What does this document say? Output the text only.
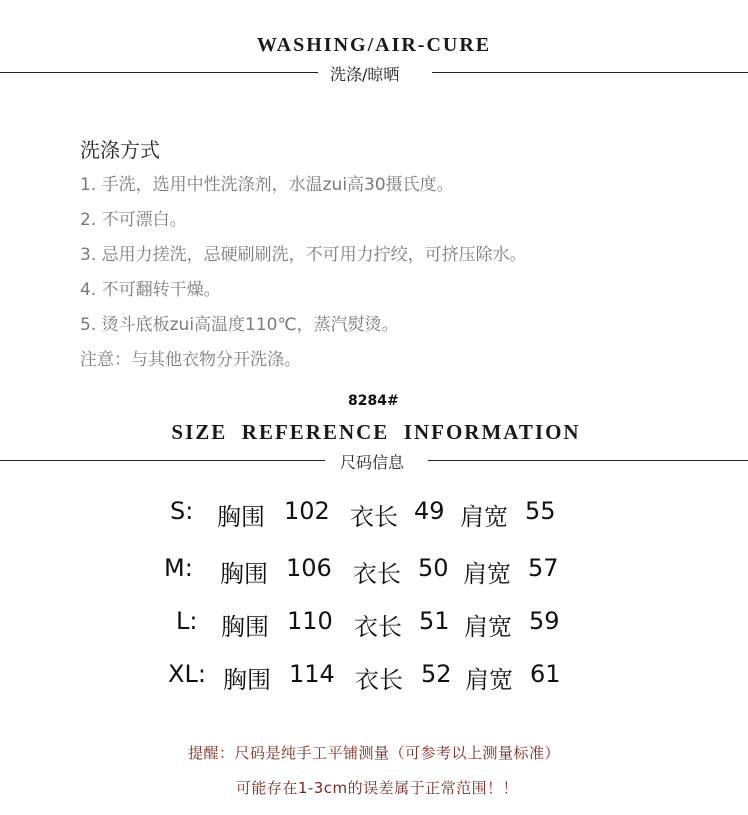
WASHING/AIR-CURE
洗涤/晾晒
洗涤方式
1. 手洗，选用中性洗涤剂，水温zui高30摄氏度。
2. 不可漂白。
3. 忌用力搓洗，忌硬刷刷洗，不可用力拧绞，可挤压除水。
4. 不可翻转干燥。
5. 烫斗底板zui高温度110℃，蒸汽熨烫。
注意：与其他衣物分开洗涤。
8284#
SIZE  REFERENCE  INFORMATION
尺码信息
S: 胸围 102 衣长 49 肩宽 55
M: 胸围 106 衣长 50 肩宽 57
L: 胸围 110 衣长 51 肩宽 59
XL: 胸围 114 衣长 52 肩宽 61
提醒：尺码是纯手工平铺测量（可参考以上测量标准）
可能存在1-3cm的误差属于正常范围！！
